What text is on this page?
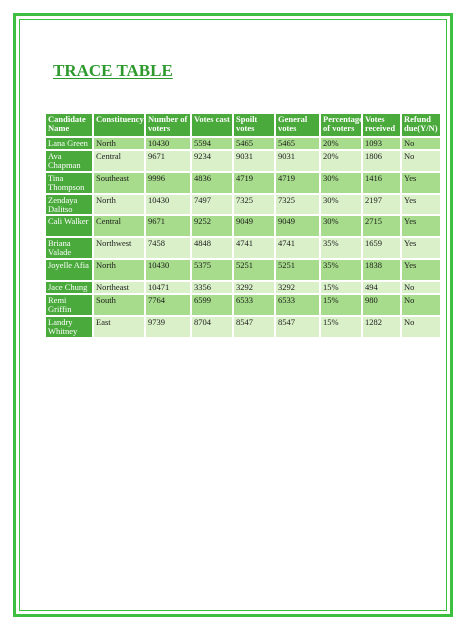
TRACE TABLE
Candidate Name	Constituency	Number of voters	Votes cast	Spoilt votes	General votes	Percentage of voters	Votes received	Refund due(Y/N)
Lana Green	North	10430	5594	5465	5465	20%	1093	No
Ava Chapman	Central	9671	9234	9031	9031	20%	1806	No
Tina Thompson	Southeast	9996	4836	4719	4719	30%	1416	Yes
Zendaya Dalitso	North	10430	7497	7325	7325	30%	2197	Yes
Cali Walker	Central	9671	9252	9049	9049	30%	2715	Yes
Briana Valade	Northwest	7458	4848	4741	4741	35%	1659	Yes
Joyelle Afia	North	10430	5375	5251	5251	35%	1838	Yes
Jace Chung	Northeast	10471	3356	3292	3292	15%	494	No
Remi Griffin	South	7764	6599	6533	6533	15%	980	No
Landry Whitney	East	9739	8704	8547	8547	15%	1282	No
